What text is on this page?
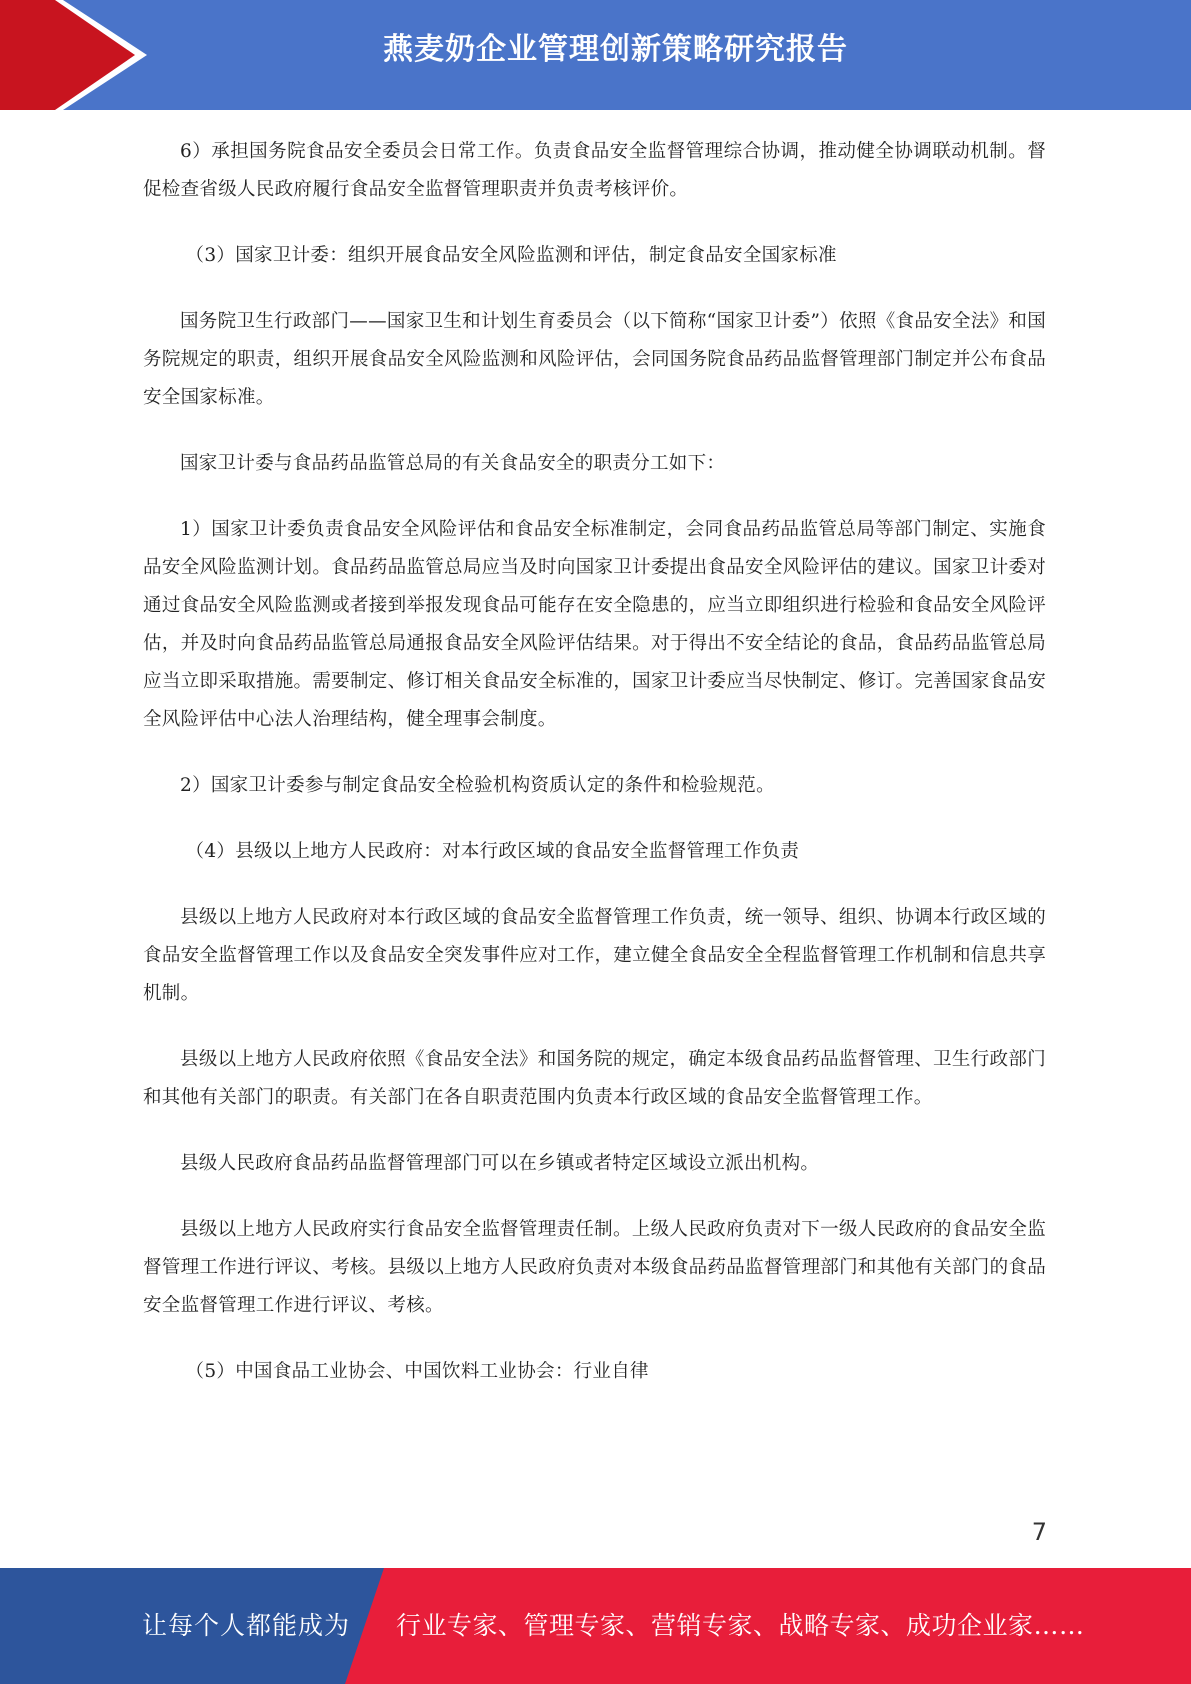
燕麦奶企业管理创新策略研究报告

6）承担国务院食品安全委员会日常工作。负责食品安全监督管理综合协调，推动健全协调联动机制。督促检查省级人民政府履行食品安全监督管理职责并负责考核评价。

（3）国家卫计委：组织开展食品安全风险监测和评估，制定食品安全国家标准

国务院卫生行政部门——国家卫生和计划生育委员会（以下简称“国家卫计委”）依照《食品安全法》和国务院规定的职责，组织开展食品安全风险监测和风险评估，会同国务院食品药品监督管理部门制定并公布食品安全国家标准。

国家卫计委与食品药品监管总局的有关食品安全的职责分工如下：

1）国家卫计委负责食品安全风险评估和食品安全标准制定，会同食品药品监管总局等部门制定、实施食品安全风险监测计划。食品药品监管总局应当及时向国家卫计委提出食品安全风险评估的建议。国家卫计委对通过食品安全风险监测或者接到举报发现食品可能存在安全隐患的，应当立即组织进行检验和食品安全风险评估，并及时向食品药品监管总局通报食品安全风险评估结果。对于得出不安全结论的食品，食品药品监管总局应当立即采取措施。需要制定、修订相关食品安全标准的，国家卫计委应当尽快制定、修订。完善国家食品安全风险评估中心法人治理结构，健全理事会制度。

2）国家卫计委参与制定食品安全检验机构资质认定的条件和检验规范。

（4）县级以上地方人民政府：对本行政区域的食品安全监督管理工作负责

县级以上地方人民政府对本行政区域的食品安全监督管理工作负责，统一领导、组织、协调本行政区域的食品安全监督管理工作以及食品安全突发事件应对工作，建立健全食品安全全程监督管理工作机制和信息共享机制。

县级以上地方人民政府依照《食品安全法》和国务院的规定，确定本级食品药品监督管理、卫生行政部门和其他有关部门的职责。有关部门在各自职责范围内负责本行政区域的食品安全监督管理工作。

县级人民政府食品药品监督管理部门可以在乡镇或者特定区域设立派出机构。

县级以上地方人民政府实行食品安全监督管理责任制。上级人民政府负责对下一级人民政府的食品安全监督管理工作进行评议、考核。县级以上地方人民政府负责对本级食品药品监督管理部门和其他有关部门的食品安全监督管理工作进行评议、考核。

（5）中国食品工业协会、中国饮料工业协会：行业自律

7
让每个人都能成为 行业专家、管理专家、营销专家、战略专家、成功企业家……
